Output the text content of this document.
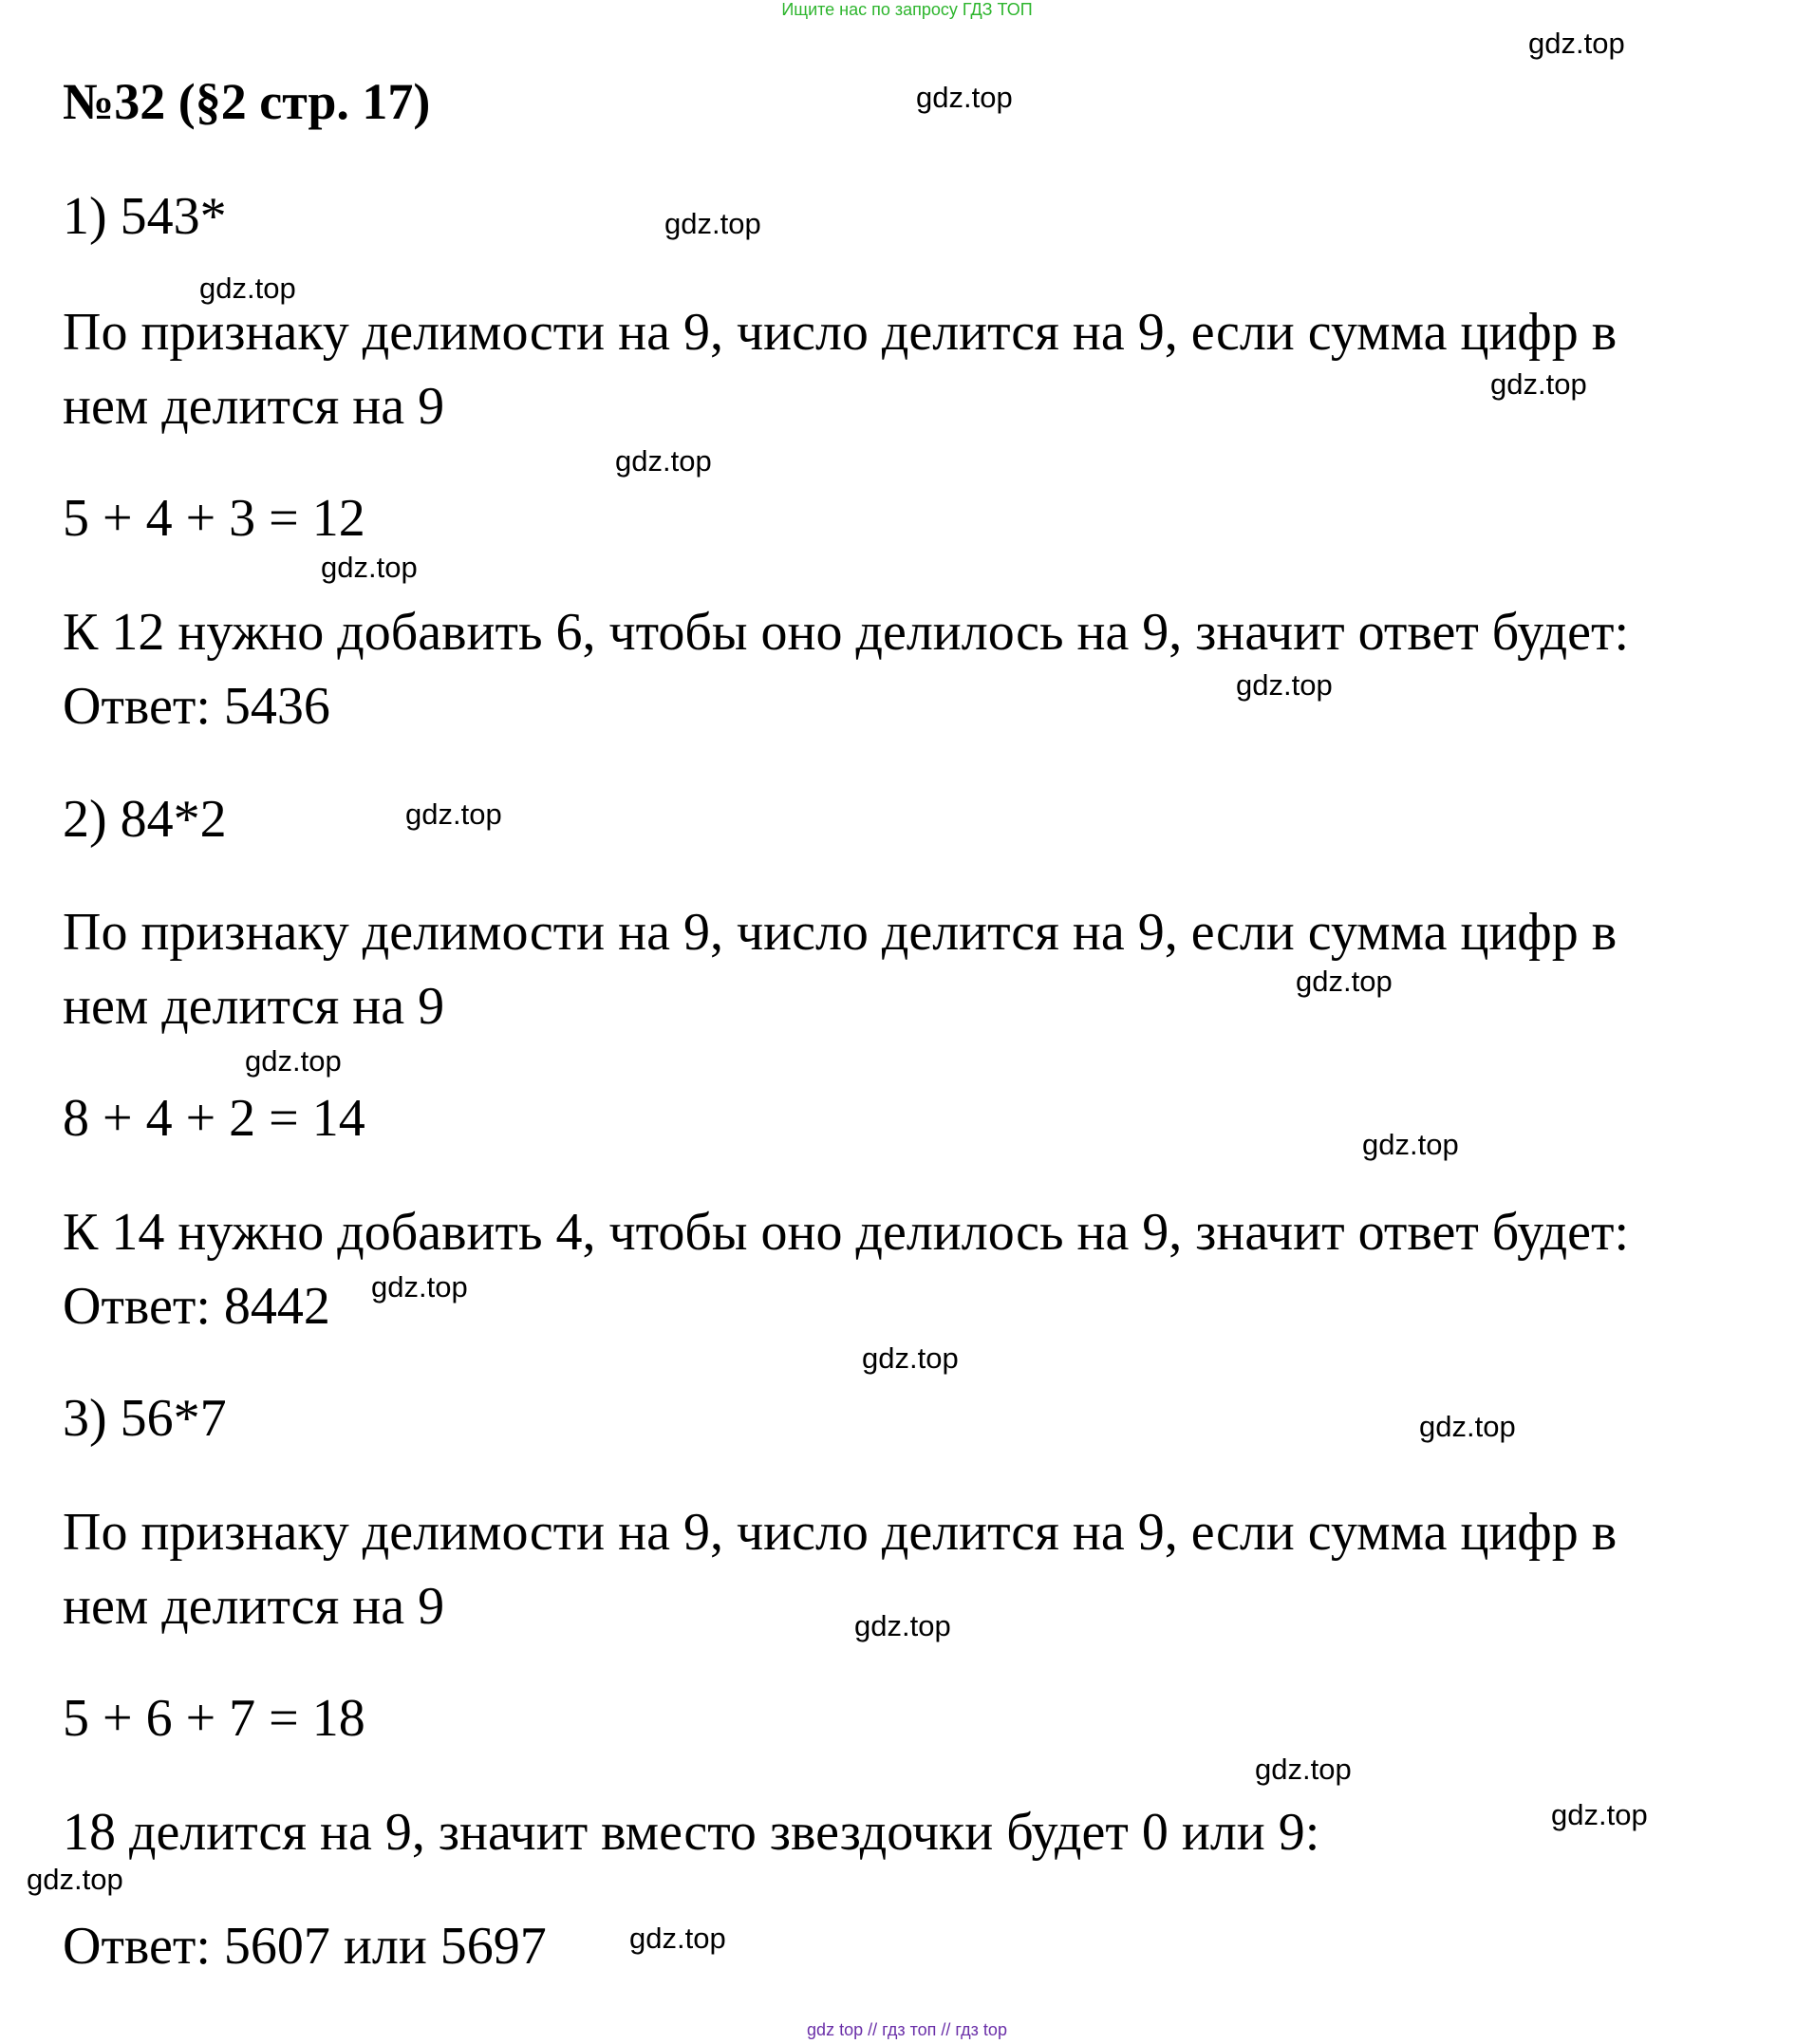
Ищите нас по запросу ГДЗ ТОП
№32 (§2 стр. 17)
1) 543*
По признаку делимости на 9, число делится на 9, если сумма цифр в
нем делится на 9
5 + 4 + 3 = 12
К 12 нужно добавить 6, чтобы оно делилось на 9, значит ответ будет:
Ответ: 5436
2) 84*2
По признаку делимости на 9, число делится на 9, если сумма цифр в
нем делится на 9
8 + 4 + 2 = 14
К 14 нужно добавить 4, чтобы оно делилось на 9, значит ответ будет:
Ответ: 8442
3) 56*7
По признаку делимости на 9, число делится на 9, если сумма цифр в
нем делится на 9
5 + 6 + 7 = 18
18 делится на 9, значит вместо звездочки будет 0 или 9:
Ответ: 5607 или 5697
gdz.top
gdz.top
gdz.top
gdz.top
gdz.top
gdz.top
gdz.top
gdz.top
gdz.top
gdz.top
gdz.top
gdz.top
gdz.top
gdz.top
gdz.top
gdz.top
gdz.top
gdz.top
gdz.top
gdz.top
gdz top // гдз топ // гдз top
